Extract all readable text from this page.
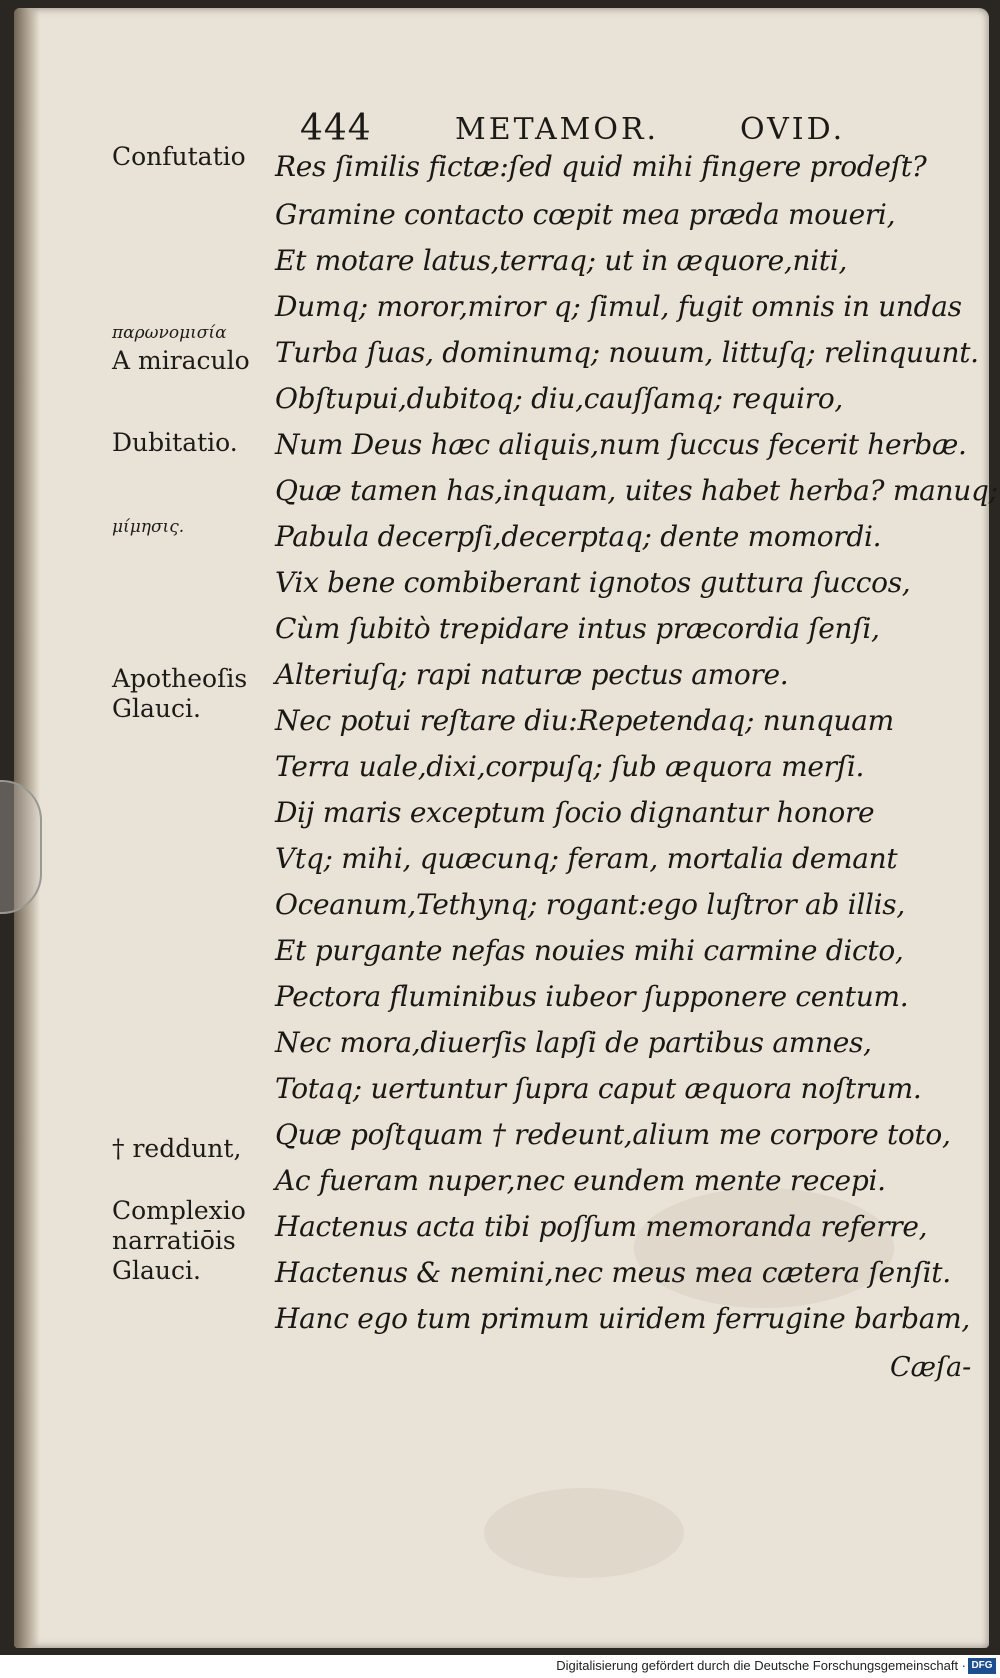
444	METAMOR.	OVID.
Confutatio
παρωνομισία
A miraculo
Dubitatio.
μίμησις.
Apotheoſis
Glauci.
† reddunt,
Complexio
narratiōis
Glauci.
Res ſimilis fictæ:ſed quid mihi fingere prodeſt?
Gramine contacto cœpit mea præda moueri,
Et motare latus,terraq; ut in æquore,niti,
Dumq; moror,miror q; ſimul, fugit omnis in undas
Turba ſuas, dominumq; nouum, littuſq; relinquunt.
Obſtupui,dubitoq; diu,cauſſamq; requiro,
Num Deus hæc aliquis,num ſuccus fecerit herbæ.
Quæ tamen has,inquam, uites habet herba? manuq;
Pabula decerpſi,decerptaq; dente momordi.
Vix bene combiberant ignotos guttura ſuccos,
Cùm ſubitò trepidare intus præcordia ſenſi,
Alteriuſq; rapi naturæ pectus amore.
Nec potui reſtare diu:Repetendaq; nunquam
Terra uale,dixi,corpuſq; ſub æquora merſi.
Dij maris exceptum ſocio dignantur honore
Vtq; mihi, quæcunq; feram, mortalia demant
Oceanum,Tethynq; rogant:ego luſtror ab illis,
Et purgante nefas nouies mihi carmine dicto,
Pectora fluminibus iubeor ſupponere centum.
Nec mora,diuerſis lapſi de partibus amnes,
Totaq; uertuntur ſupra caput æquora noſtrum.
Quæ poſtquam † redeunt,alium me corpore toto,
Ac fueram nuper,nec eundem mente recepi.
Hactenus acta tibi poſſum memoranda referre,
Hactenus & nemini,nec meus mea cætera ſenſit.
Hanc ego tum primum uiridem ferrugine barbam,
Cæſa-
Digitalisierung gefördert durch die Deutsche Forschungsgemeinschaft · DFG
